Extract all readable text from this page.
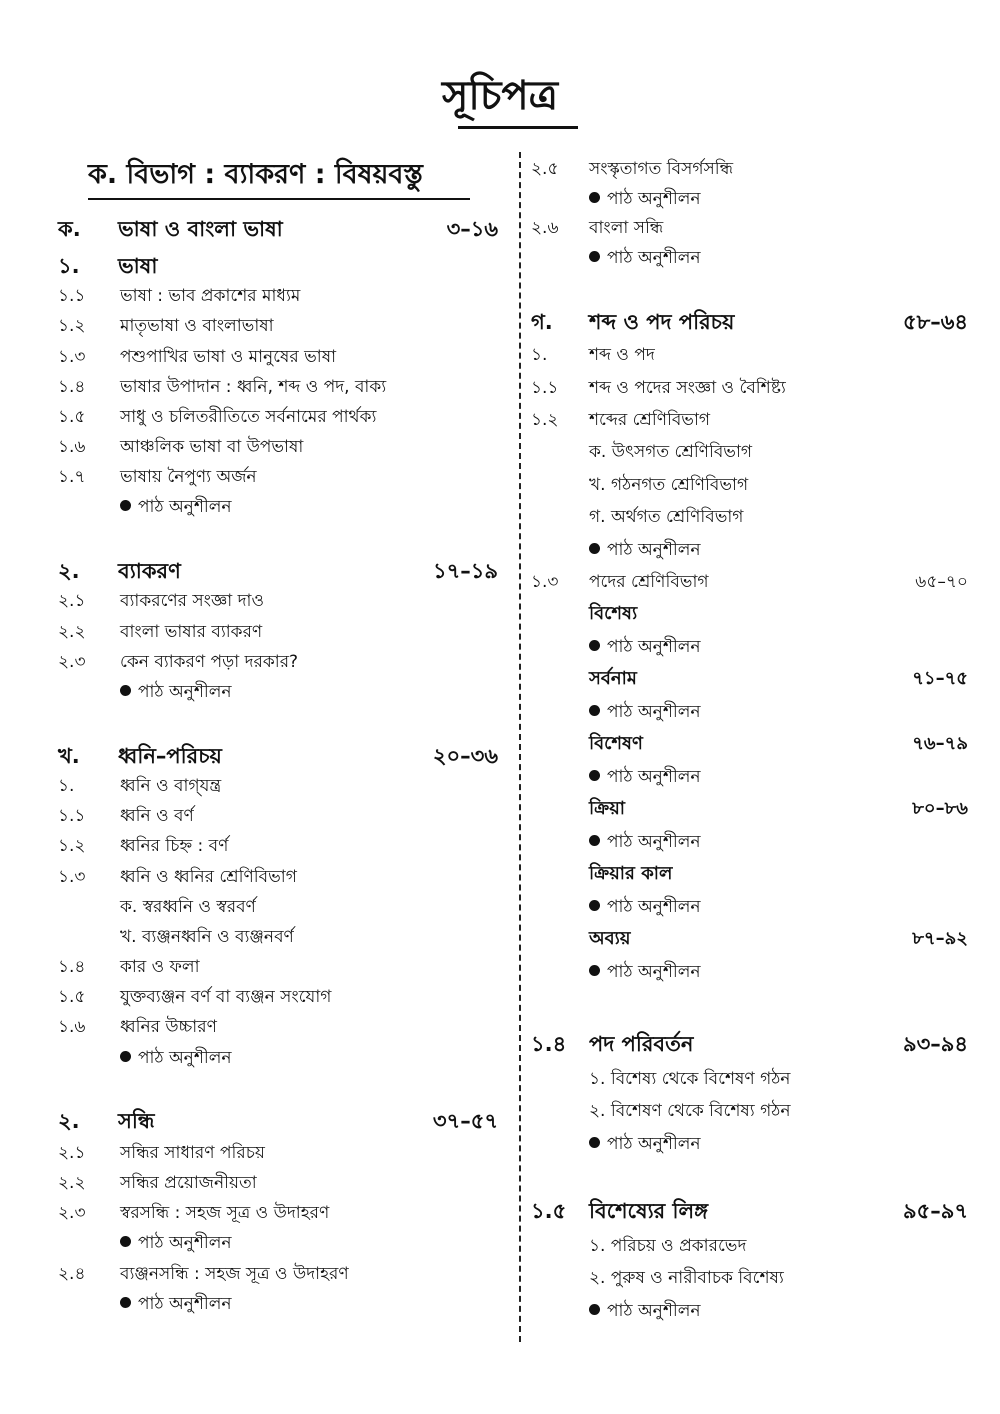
সূচিপত্র
ক. বিভাগ : ব্যাকরণ : বিষয়বস্তু
ক. ভাষা ও বাংলা ভাষা	৩–১৬
১. ভাষা
১.১ ভাষা : ভাব প্রকাশের মাধ্যম
১.২ মাতৃভাষা ও বাংলাভাষা
১.৩ পশুপাখির ভাষা ও মানুষের ভাষা
১.৪ ভাষার উপাদান : ধ্বনি, শব্দ ও পদ, বাক্য
১.৫ সাধু ও চলিতরীতিতে সর্বনামের পার্থক্য
১.৬ আঞ্চলিক ভাষা বা উপভাষা
১.৭ ভাষায় নৈপুণ্য অর্জন
পাঠ অনুশীলন
২. ব্যাকরণ	১৭–১৯
২.১ ব্যাকরণের সংজ্ঞা দাও
২.২ বাংলা ভাষার ব্যাকরণ
২.৩ কেন ব্যাকরণ পড়া দরকার?
পাঠ অনুশীলন
খ. ধ্বনি–পরিচয়	২০–৩৬
১.	ধ্বনি ও বাগ্‌যন্ত্র
১.১ ধ্বনি ও বর্ণ
১.২ ধ্বনির চিহ্ন : বর্ণ
১.৩ ধ্বনি ও ধ্বনির শ্রেণিবিভাগ
ক. স্বরধ্বনি ও স্বরবর্ণ
খ. ব্যঞ্জনধ্বনি ও ব্যঞ্জনবর্ণ
১.৪ কার ও ফলা
১.৫ যুক্তব্যঞ্জন বর্ণ বা ব্যঞ্জন সংযোগ
১.৬ ধ্বনির উচ্চারণ
পাঠ অনুশীলন
২. সন্ধি	৩৭–৫৭
২.১ সন্ধির সাধারণ পরিচয়
২.২ সন্ধির প্রয়োজনীয়তা
২.৩ স্বরসন্ধি : সহজ সূত্র ও উদাহরণ
পাঠ অনুশীলন
২.৪ ব্যঞ্জনসন্ধি : সহজ সূত্র ও উদাহরণ
পাঠ অনুশীলন
২.৫ সংস্কৃতাগত বিসর্গসন্ধি
পাঠ অনুশীলন
২.৬ বাংলা সন্ধি
পাঠ অনুশীলন
গ. শব্দ ও পদ পরিচয়	৫৮–৬৪
১. শব্দ ও পদ
১.১ শব্দ ও পদের সংজ্ঞা ও বৈশিষ্ট্য
১.২ শব্দের শ্রেণিবিভাগ
ক. উৎসগত শ্রেণিবিভাগ
খ. গঠনগত শ্রেণিবিভাগ
গ. অর্থগত শ্রেণিবিভাগ
পাঠ অনুশীলন
১.৩ পদের শ্রেণিবিভাগ	৬৫–৭০
বিশেষ্য
পাঠ অনুশীলন
সর্বনাম	৭১–৭৫
পাঠ অনুশীলন
বিশেষণ	৭৬–৭৯
পাঠ অনুশীলন
ক্রিয়া	৮০–৮৬
পাঠ অনুশীলন
ক্রিয়ার কাল
পাঠ অনুশীলন
অব্যয়	৮৭–৯২
পাঠ অনুশীলন
১.৪ পদ পরিবর্তন	৯৩–৯৪
১. বিশেষ্য থেকে বিশেষণ গঠন
২. বিশেষণ থেকে বিশেষ্য গঠন
পাঠ অনুশীলন
১.৫ বিশেষ্যের লিঙ্গ	৯৫–৯৭
১. পরিচয় ও প্রকারভেদ
২. পুরুষ ও নারীবাচক বিশেষ্য
পাঠ অনুশীলন
